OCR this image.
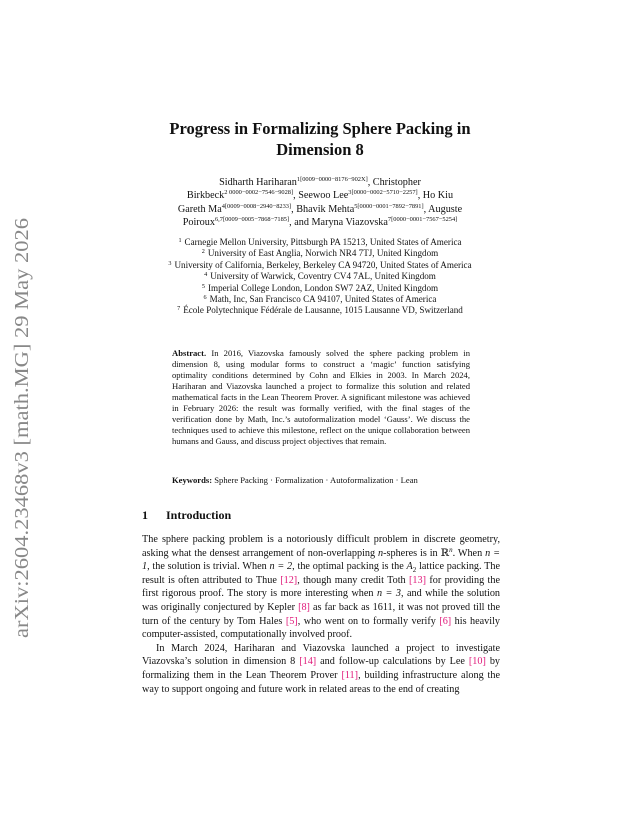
arXiv:2604.23468v3 [math.MG] 29 May 2026
Progress in Formalizing Sphere Packing in
Dimension 8
Sidharth Hariharan$^{1[0009-0000-8176-902X]}$, Christopher
Birkbeck$^{2 0000-0002-7546-9028]}$, Seewoo Lee$^{3[0000-0002-5710-2257]}$, Ho Kiu
Gareth $Ma^{4[0009-0008-2940-8233]}$, Bhavik Mehta$^{5[0000-0001-7892-7891]}$, Auguste
Poiroux$^{6,7[0009-0005-7868-7185]}$, and Maryna Viazovska$^{7[0000-0001-7567-5254]}$
$^1$ Carnegie Mellon University, Pittsburgh PA 15213, United States of America
$^2$ University of East Anglia, Norwich NR4 7TJ, United Kingdom
$^3$ University of California, Berkeley, Berkeley CA 94720, United States of America
$^4$ University of Warwick, Coventry CV4 7AL, United Kingdom
$^5$ Imperial College London, London SW7 2AZ, United Kingdom
$^6$ Math, Inc, San Francisco CA 94107, United States of America
$^7$ École Polytechnique Fédérale de Lausanne, 1015 Lausanne VD, Switzerland
Abstract. In 2016, Viazovska famously solved the sphere packing problem in dimension 8, using modular forms to construct a ‘magic’ function satisfying optimality conditions determined by Cohn and Elkies in 2003. In March 2024, Hariharan and Viazovska launched a project to formalize this solution and related mathematical facts in the Lean Theorem Prover. A significant milestone was achieved in February 2026: the result was formally verified, with the final stages of the verification done by Math, Inc.’s autoformalization model ‘Gauss’. We discuss the techniques used to achieve this milestone, reflect on the unique collaboration between humans and Gauss, and discuss project objectives that remain.
Keywords: Sphere Packing · Formalization · Autoformalization · Lean
1 Introduction

The sphere packing problem is a notoriously difficult problem in discrete geometry, asking what the densest arrangement of non-overlapping n-spheres is in ℝ$^n$. When n = 1, the solution is trivial. When n = 2, the optimal packing is the $A_2$ lattice packing. The result is often attributed to Thue [12], though many credit Toth [13] for providing the first rigorous proof. The story is more interesting when n = 3, and while the solution was originally conjectured by Kepler [8] as far back as 1611, it was not proved till the turn of the century by Tom Hales [5], who went on to formally verify [6] his heavily computer-assisted, computationally involved proof.

In March 2024, Hariharan and Viazovska launched a project to investigate Viazovska’s solution in dimension 8 [14] and follow-up calculations by Lee [10] by formalizing them in the Lean Theorem Prover [11], building infrastructure along the way to support ongoing and future work in related areas to the end of creating
